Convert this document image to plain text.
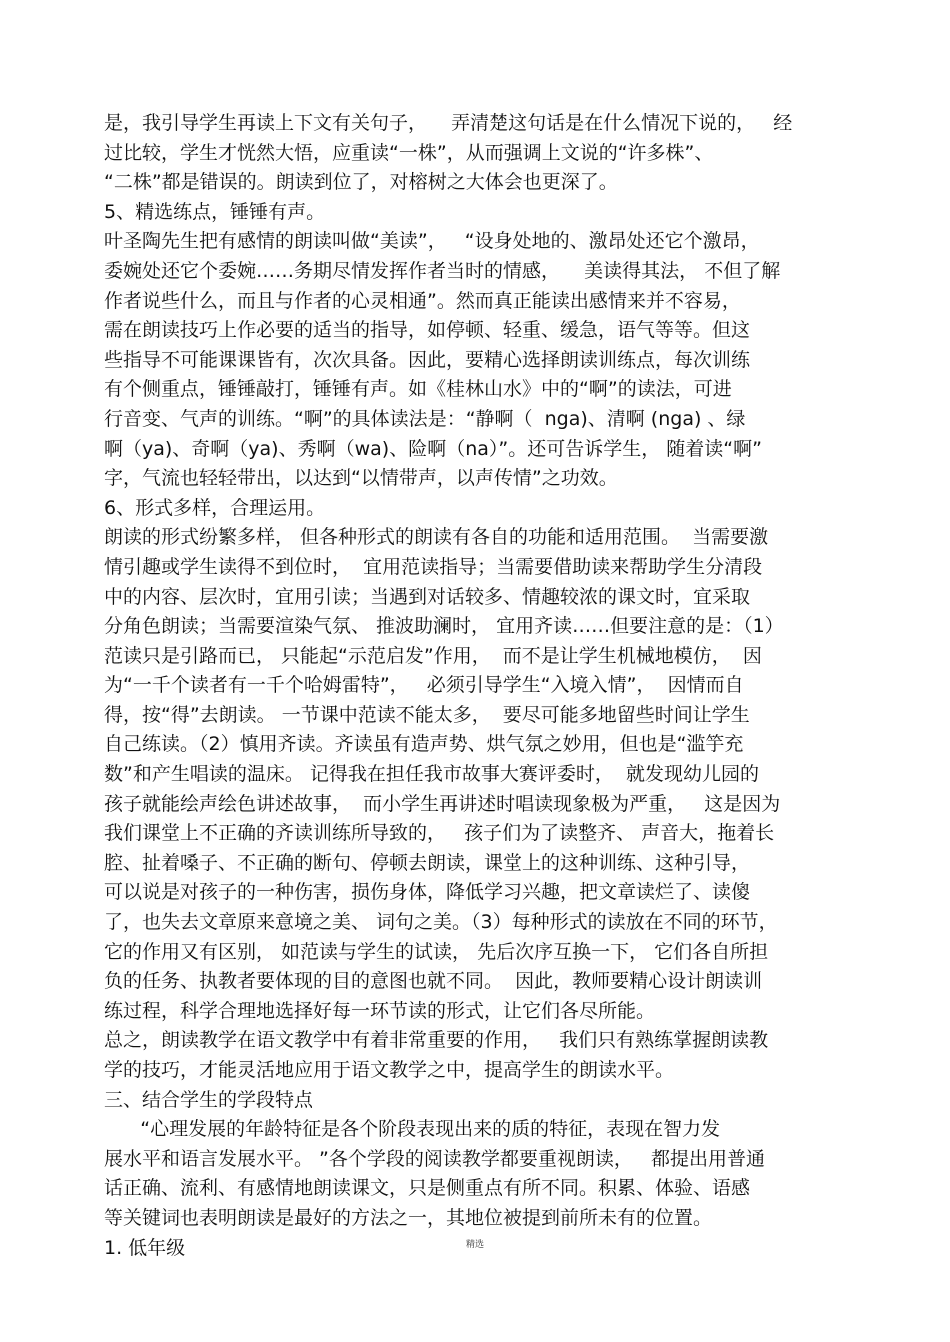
是，我引导学生再读上下文有关句子，    弄清楚这句话是在什么情况下说的，   经
过比较，学生才恍然大悟，应重读“一株”，从而强调上文说的“许多株”、
“二株”都是错误的。朗读到位了，对榕树之大体会也更深了。
5、精选练点，锤锤有声。
叶圣陶先生把有感情的朗读叫做“美读”，   “设身处地的、激昂处还它个激昂，
委婉处还它个委婉……务期尽情发挥作者当时的情感，    美读得其法， 不但了解
作者说些什么，而且与作者的心灵相通”。然而真正能读出感情来并不容易，
需在朗读技巧上作必要的适当的指导，如停顿、轻重、缓急，语气等等。但这
些指导不可能课课皆有，次次具备。因此，要精心选择朗读训练点，每次训练
有个侧重点，锤锤敲打，锤锤有声。如《桂林山水》中的“啊”的读法，可进
行音变、气声的训练。“啊”的具体读法是：“静啊（  nga)、清啊 (nga) 、绿
啊（ya)、奇啊（ya)、秀啊（wa)、险啊（na）”。还可告诉学生， 随着读“啊”
字，气流也轻轻带出，以达到“以情带声，以声传情”之功效。
6、形式多样，合理运用。
朗读的形式纷繁多样， 但各种形式的朗读有各自的功能和适用范围。  当需要激
情引趣或学生读得不到位时，  宜用范读指导；当需要借助读来帮助学生分清段
中的内容、层次时，宜用引读；当遇到对话较多、情趣较浓的课文时，宜采取
分角色朗读；当需要渲染气氛、 推波助澜时， 宜用齐读……但要注意的是：（1）
范读只是引路而已， 只能起“示范启发”作用，  而不是让学生机械地模仿，  因
为“一千个读者有一千个哈姆雷特”，   必须引导学生“入境入情”，  因情而自
得，按“得”去朗读。 一节课中范读不能太多，  要尽可能多地留些时间让学生
自己练读。（2）慎用齐读。齐读虽有造声势、烘气氛之妙用，但也是“滥竽充
数”和产生唱读的温床。 记得我在担任我市故事大赛评委时，  就发现幼儿园的
孩子就能绘声绘色讲述故事，  而小学生再讲述时唱读现象极为严重，   这是因为
我们课堂上不正确的齐读训练所导致的，   孩子们为了读整齐、 声音大，拖着长
腔、扯着嗓子、不正确的断句、停顿去朗读，课堂上的这种训练、这种引导，
可以说是对孩子的一种伤害，损伤身体，降低学习兴趣，把文章读烂了、读傻
了，也失去文章原来意境之美、 词句之美。（3）每种形式的读放在不同的环节，
它的作用又有区别， 如范读与学生的试读， 先后次序互换一下， 它们各自所担
负的任务、执教者要体现的目的意图也就不同。  因此，教师要精心设计朗读训
练过程，科学合理地选择好每一环节读的形式，让它们各尽所能。
总之，朗读教学在语文教学中有着非常重要的作用，   我们只有熟练掌握朗读教
学的技巧，才能灵活地应用于语文教学之中，提高学生的朗读水平。
三、结合学生的学段特点
“心理发展的年龄特征是各个阶段表现出来的质的特征，表现在智力发
展水平和语言发展水平。 ”各个学段的阅读教学都要重视朗读，   都提出用普通
话正确、流利、有感情地朗读课文，只是侧重点有所不同。积累、体验、语感
等关键词也表明朗读是最好的方法之一，其地位被提到前所未有的位置。
1. 低年级	精选
